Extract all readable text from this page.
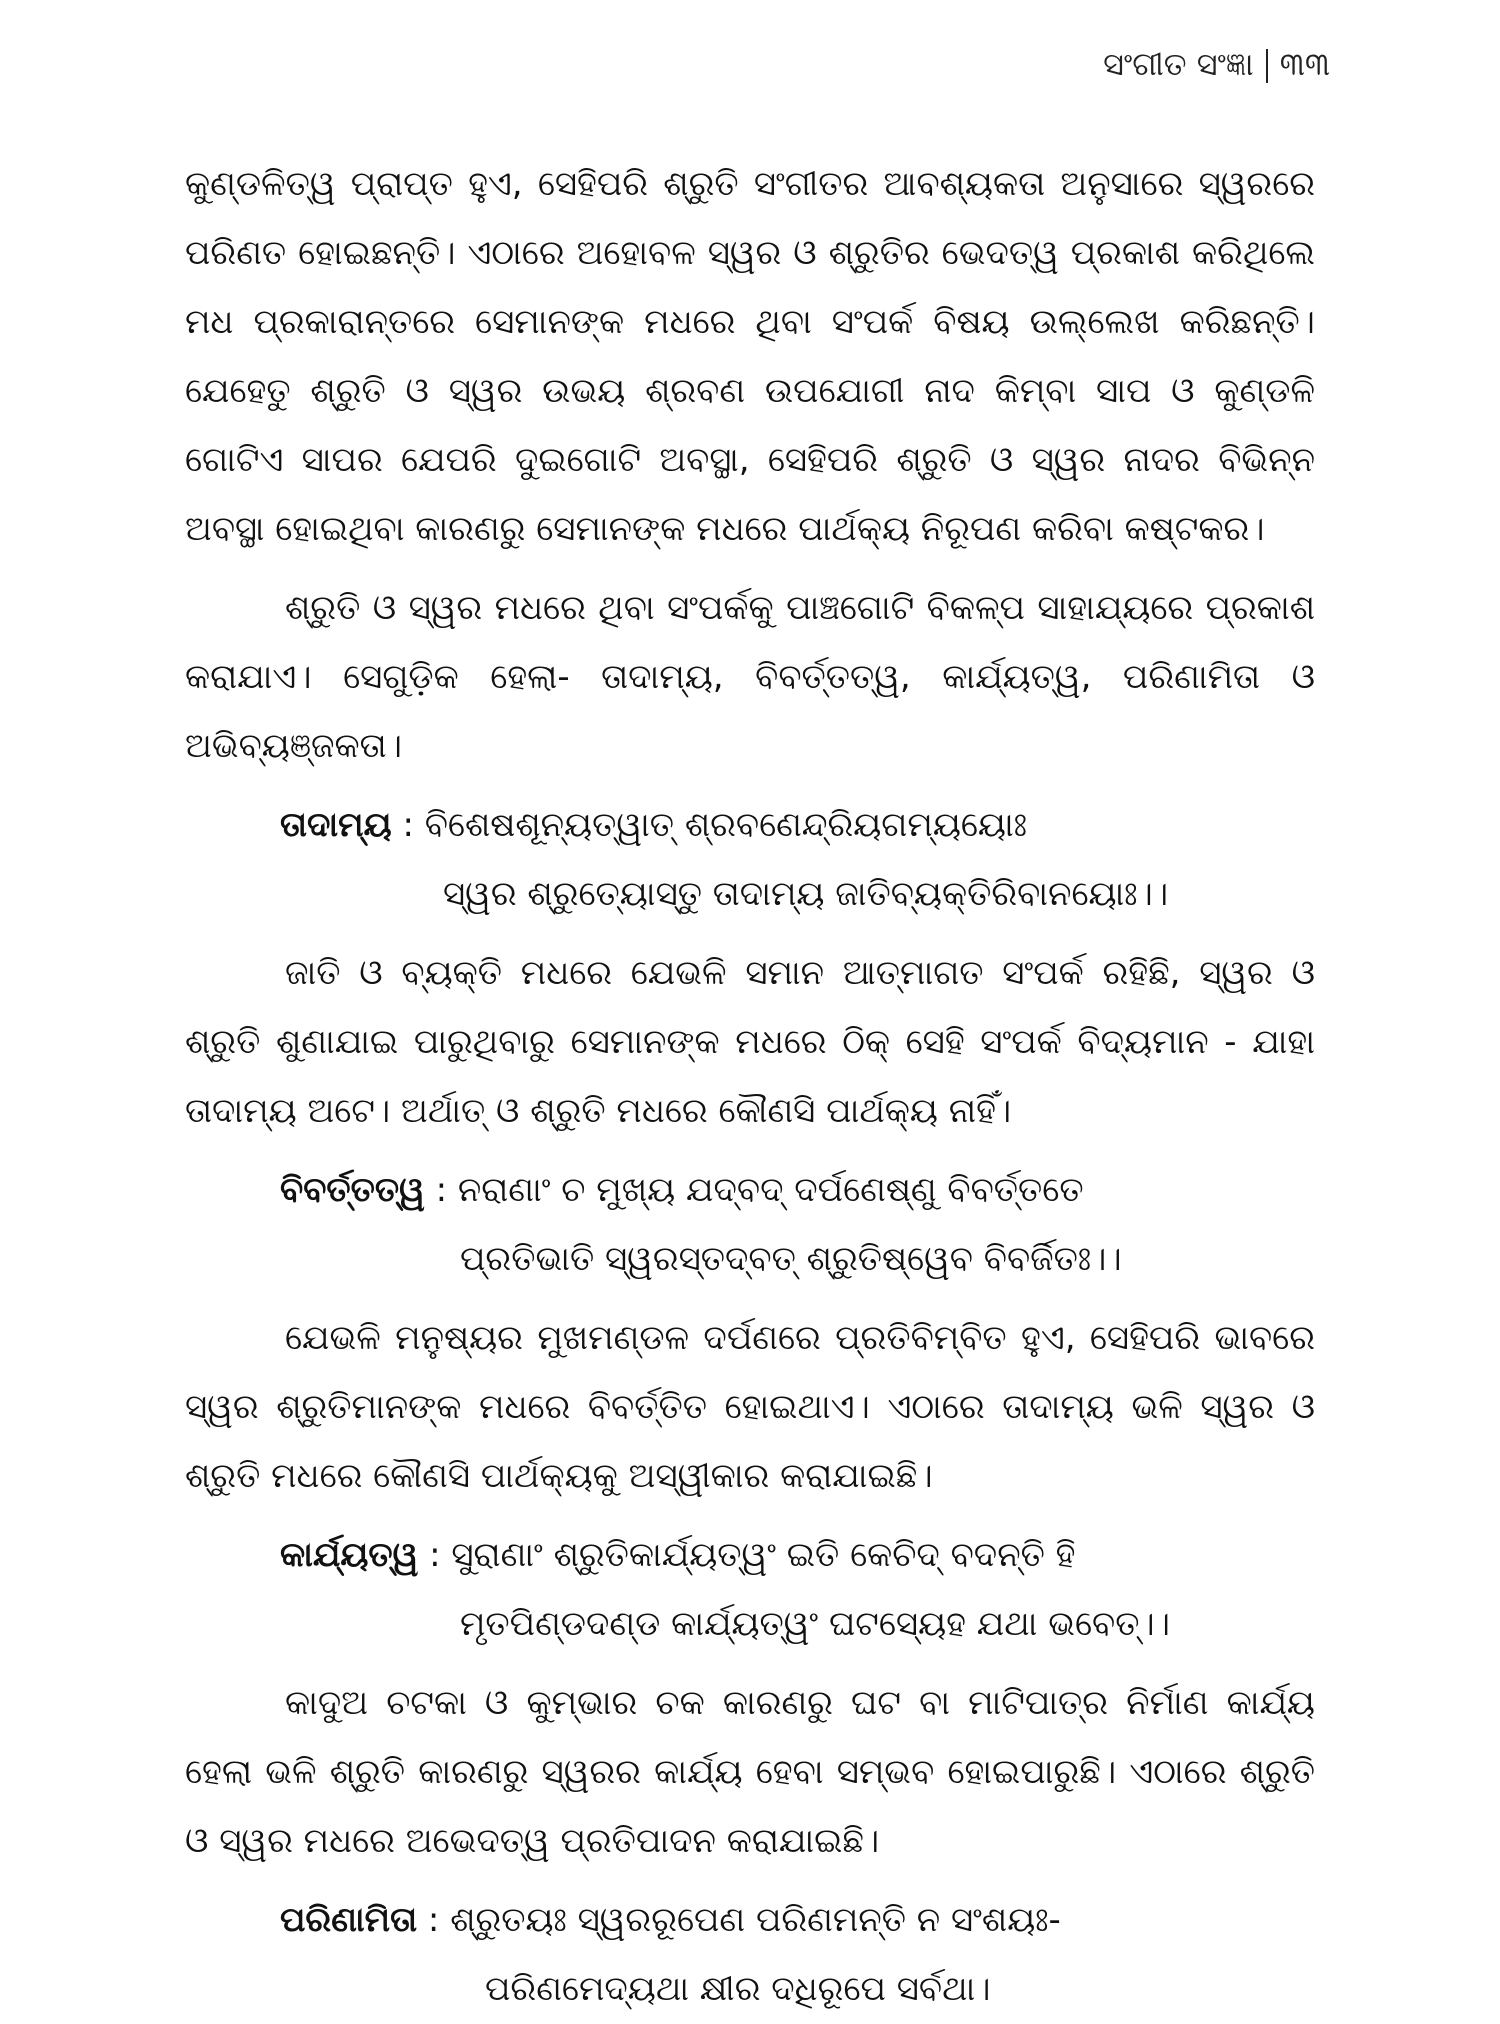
ସଂଗୀତ ସଂଜ୍ଞା ୩୩

କୁଣ୍ଡଳିତ୍ୱ ପ୍ରାପ୍ତ ହୁଏ, ସେହିପରି ଶ୍ରୁତି ସଂଗୀତର ଆବଶ୍ୟକତା ଅନୁସାରେ ସ୍ୱରରେ ପରିଣତ ହୋଇଛନ୍ତି। ଏଠାରେ ଅହୋବଳ ସ୍ୱର ଓ ଶ୍ରୁତିର ଭେଦତ୍ୱ ପ୍ରକାଶ କରିଥିଲେ ମଧ ପ୍ରକାରାନ୍ତରେ ସେମାନଙ୍କ ମଧରେ ଥିବା ସଂପର୍କ ବିଷୟ ଉଲ୍ଲେଖ କରିଛନ୍ତି। ଯେହେତୁ ଶ୍ରୁତି ଓ ସ୍ୱର ଉଭୟ ଶ୍ରବଣ ଉପଯୋଗୀ ନାଦ କିମ୍ବା ସାପ ଓ କୁଣ୍ଡଳି ଗୋଟିଏ ସାପର ଯେପରି ଦୁଇଗୋଟି ଅବସ୍ଥା, ସେହିପରି ଶ୍ରୁତି ଓ ସ୍ୱର ନାଦର ବିଭିନ୍ନ ଅବସ୍ଥା ହୋଇଥିବା କାରଣରୁ ସେମାନଙ୍କ ମଧରେ ପାର୍ଥକ୍ୟ ନିରୂପଣ କରିବା କଷ୍ଟକର।

ଶ୍ରୁତି ଓ ସ୍ୱର ମଧରେ ଥିବା ସଂପର୍କକୁ ପାଞ୍ଚଗୋଟି ବିକଳ୍ପ ସାହାଯ୍ୟରେ ପ୍ରକାଶ କରାଯାଏ। ସେଗୁଡ଼ିକ ହେଲା- ତାଦାମ୍ୟ, ବିବର୍ତ୍ତତ୍ୱ, କାର୍ଯ୍ୟତ୍ୱ, ପରିଣାମିତା ଓ ଅଭିବ୍ୟଞ୍ଜକତା।

ତାଦାମ୍ୟ : ବିଶେଷଶୂନ୍ୟତ୍ୱାତ୍ ଶ୍ରବଣେନ୍ଦ୍ରିୟଗମ୍ୟୟୋଃ
ସ୍ୱର ଶ୍ରୁତ୍ୟୋସ୍ତୁ ତାଦାମ୍ୟ ଜାତିବ୍ୟକ୍ତିରିବାନୟୋଃ।।

ଜାତି ଓ ବ୍ୟକ୍ତି ମଧରେ ଯେଭଳି ସମାନ ଆତ୍ମାଗତ ସଂପର୍କ ରହିଛି, ସ୍ୱର ଓ ଶ୍ରୁତି ଶୁଣାଯାଇ ପାରୁଥିବାରୁ ସେମାନଙ୍କ ମଧରେ ଠିକ୍ ସେହି ସଂପର୍କ ବିଦ୍ୟମାନ - ଯାହା ତାଦାମ୍ୟ ଅଟେ। ଅର୍ଥାତ୍ ଓ ଶ୍ରୁତି ମଧରେ କୌଣସି ପାର୍ଥକ୍ୟ ନାହିଁ।

ବିବର୍ତ୍ତତ୍ୱ : ନରାଣାଂ ଚ ମୁଖ୍ୟ ଯଦ୍‌ବଦ୍ ଦର୍ପଣେଷ୍ଣୁ ବିବର୍ତ୍ତତେ
ପ୍ରତିଭାତି ସ୍ୱରସ୍ତଦ୍‌ବତ୍ ଶ୍ରୁତିଷ୍ୱେବ ବିବର୍ଜିତଃ।।

ଯେଭଳି ମନୁଷ୍ୟର ମୁଖମଣ୍ଡଳ ଦର୍ପଣରେ ପ୍ରତିବିମ୍ବିତ ହୁଏ, ସେହିପରି ଭାବରେ ସ୍ୱର ଶ୍ରୁତିମାନଙ୍କ ମଧରେ ବିବର୍ତ୍ତିତ ହୋଇଥାଏ। ଏଠାରେ ତାଦାମ୍ୟ ଭଳି ସ୍ୱର ଓ ଶ୍ରୁତି ମଧରେ କୌଣସି ପାର୍ଥକ୍ୟକୁ ଅସ୍ୱୀକାର କରାଯାଇଛି।

କାର୍ଯ୍ୟତ୍ୱ : ସୁରାଣାଂ ଶ୍ରୁତିକାର୍ଯ୍ୟତ୍ୱଂ ଇତି କେଚିଦ୍ ବଦନ୍ତି ହି
ମୃତପିଣ୍ଡଦଣ୍ଡ କାର୍ଯ୍ୟତ୍ୱଂ ଘଟସ୍ୟେହ ଯଥା ଭବେତ୍।।

କାଦୁଅ ଚଟକା ଓ କୁମ୍ଭାର ଚକ କାରଣରୁ ଘଟ ବା ମାଟିପାତ୍ର ନିର୍ମାଣ କାର୍ଯ୍ୟ ହେଲା ଭଳି ଶ୍ରୁତି କାରଣରୁ ସ୍ୱରର କାର୍ଯ୍ୟ ହେବା ସମ୍ଭବ ହୋଇପାରୁଛି। ଏଠାରେ ଶ୍ରୁତି ଓ ସ୍ୱର ମଧରେ ଅଭେଦତ୍ୱ ପ୍ରତିପାଦନ କରାଯାଇଛି।

ପରିଣାମିତା : ଶ୍ରୁତୟଃ ସ୍ୱରରୂପେଣ ପରିଣମନ୍ତି ନ ସଂଶୟଃ-
ପରିଣମେଦ୍ୟଥା କ୍ଷୀର ଦଧିରୂପେ ସର୍ବଥା।
